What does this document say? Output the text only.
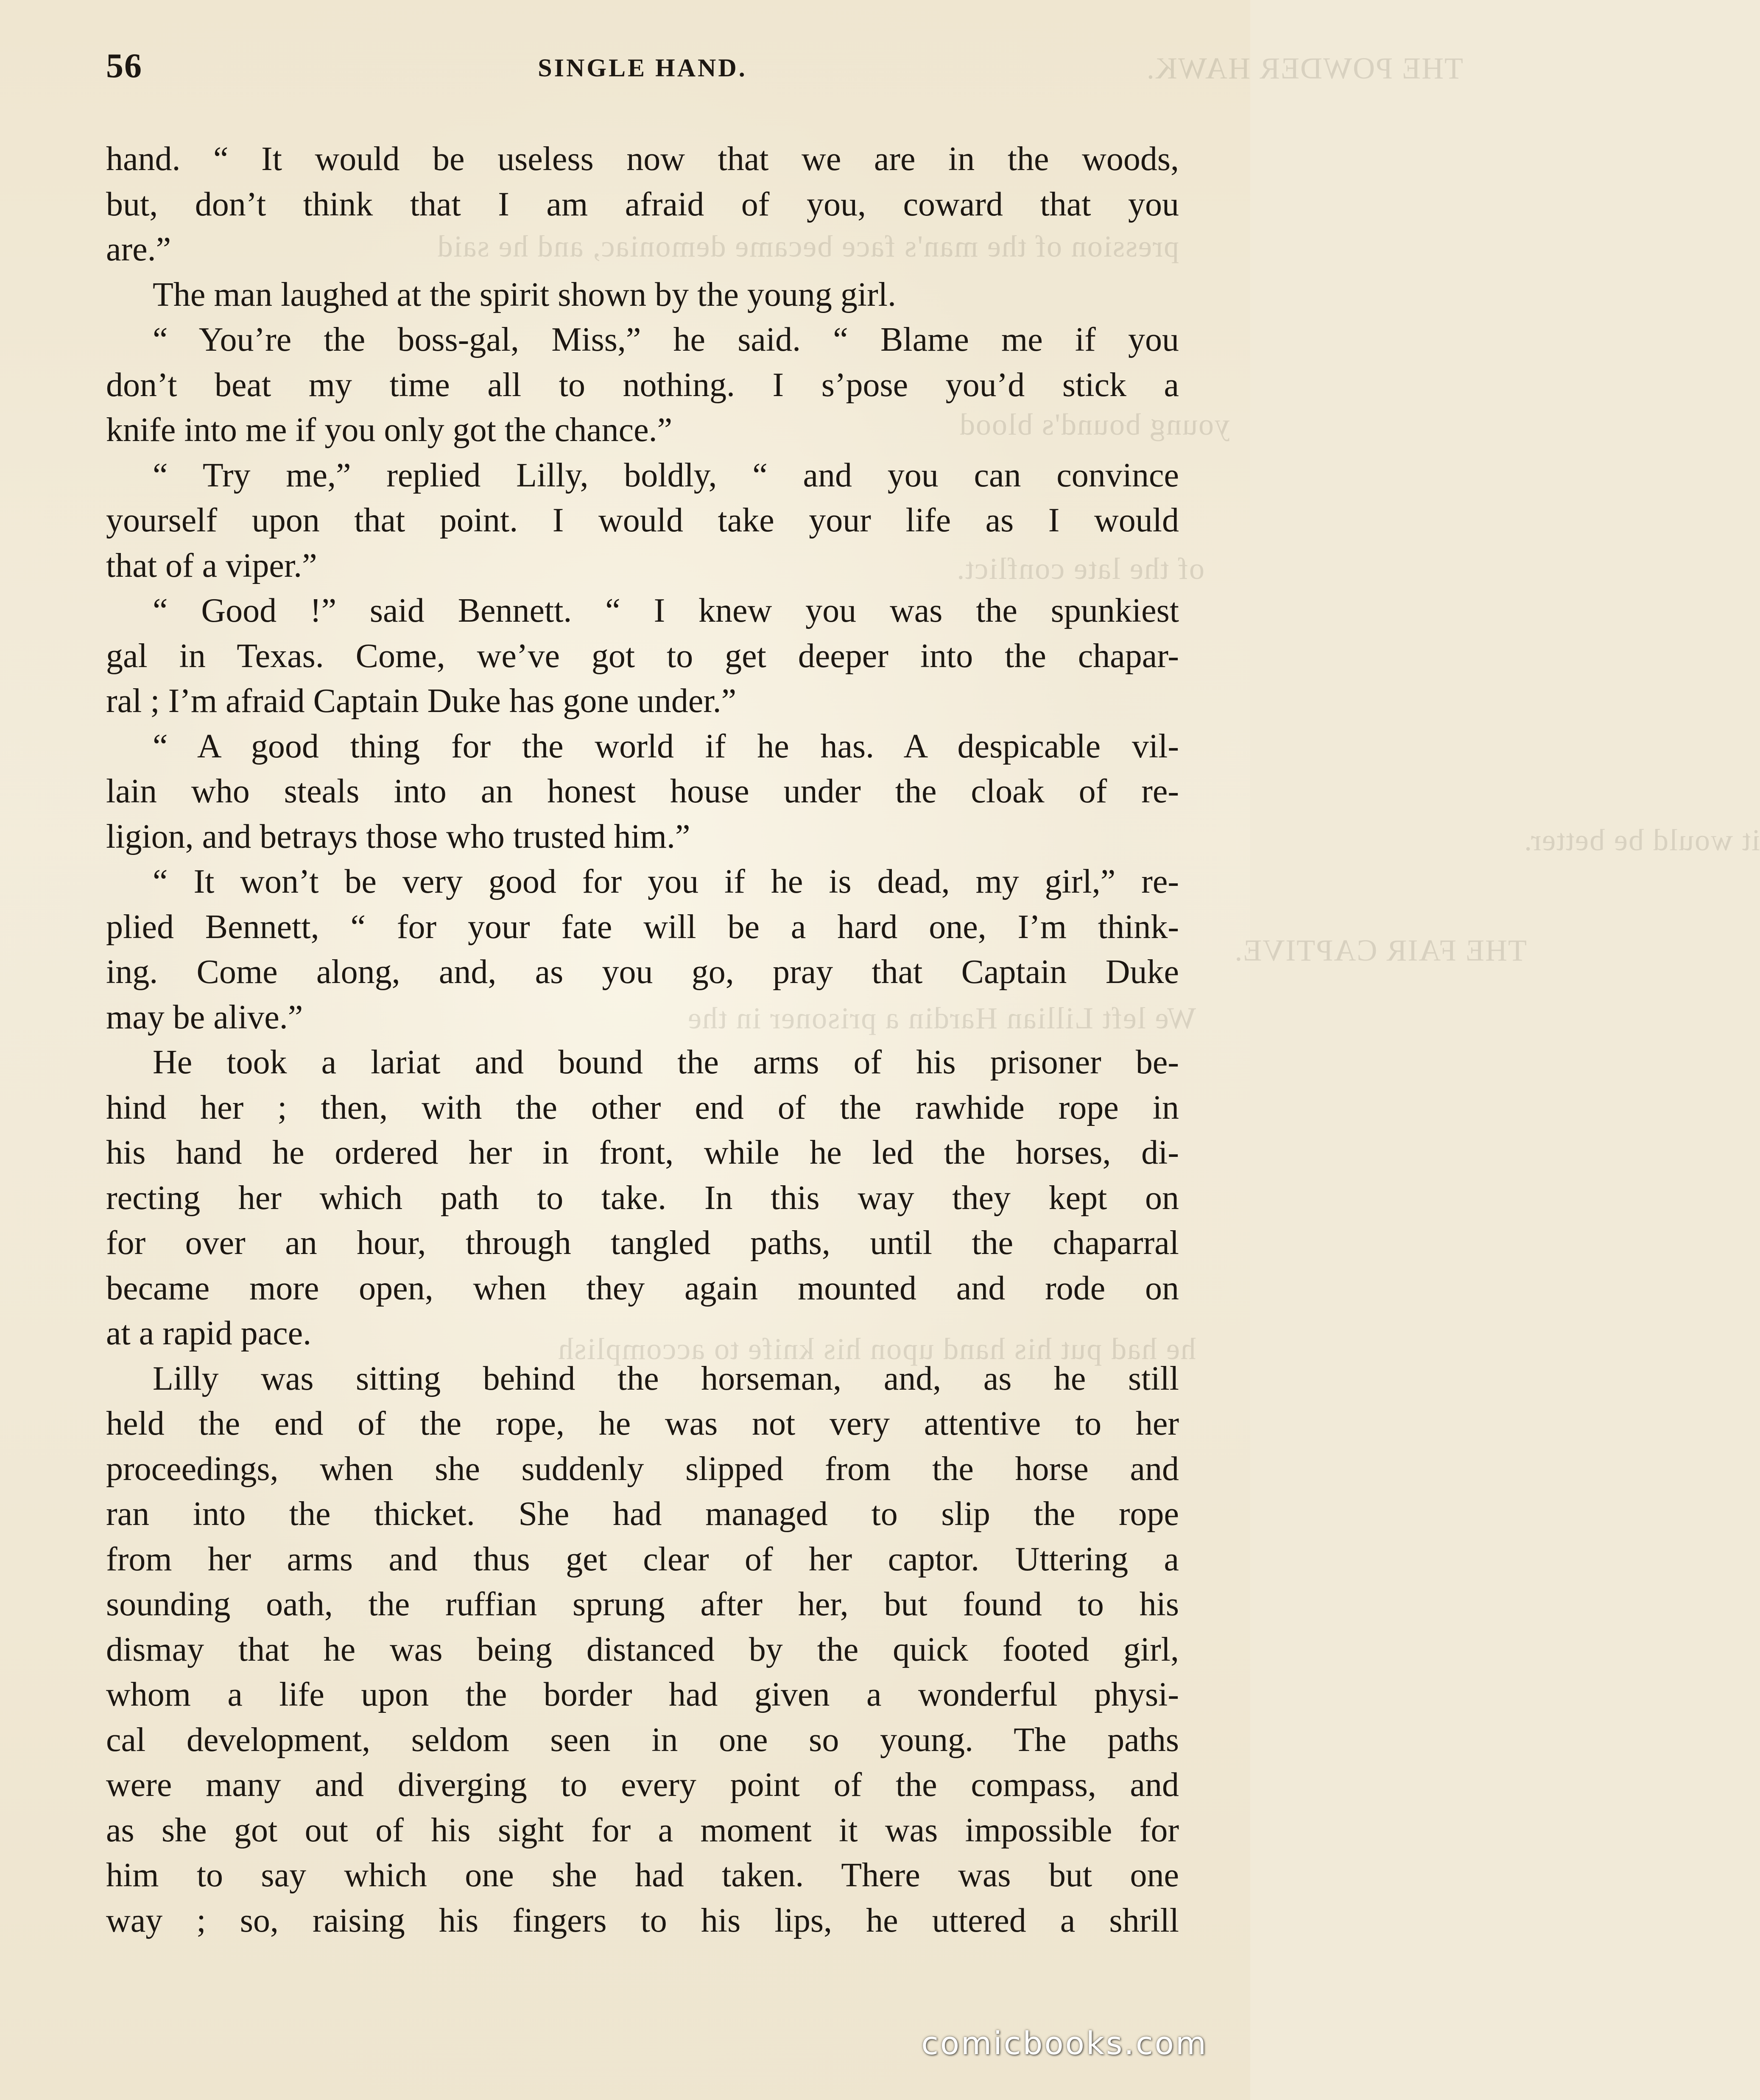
THE POWDER HAWK.
pression of the man's face became demoniac, and he said
young bound's blood
of the late conflict.
it would be better.
THE FAIR CAPTIVE.
We left Lillian Hardin a prisoner in the
he had put his hand upon his knife to accomplish
56	SINGLE HAND.
hand. “ It would be useless now that we are in the woods,
but, don’t think that I am afraid of you, coward that you
are.”
The man laughed at the spirit shown by the young girl.
“ You’re the boss-gal, Miss,” he said. “ Blame me if you
don’t beat my time all to nothing. I s’pose you’d stick a
knife into me if you only got the chance.”
“ Try me,” replied Lilly, boldly, “ and you can convince
yourself upon that point. I would take your life as I would
that of a viper.”
“ Good !” said Bennett. “ I knew you was the spunkiest
gal in Texas. Come, we’ve got to get deeper into the chapar-
ral ; I’m afraid Captain Duke has gone under.”
“ A good thing for the world if he has. A despicable vil-
lain who steals into an honest house under the cloak of re-
ligion, and betrays those who trusted him.”
“ It won’t be very good for you if he is dead, my girl,” re-
plied Bennett, “ for your fate will be a hard one, I’m think-
ing. Come along, and, as you go, pray that Captain Duke
may be alive.”
He took a lariat and bound the arms of his prisoner be-
hind her ; then, with the other end of the rawhide rope in
his hand he ordered her in front, while he led the horses, di-
recting her which path to take. In this way they kept on
for over an hour, through tangled paths, until the chaparral
became more open, when they again mounted and rode on
at a rapid pace.
Lilly was sitting behind the horseman, and, as he still
held the end of the rope, he was not very attentive to her
proceedings, when she suddenly slipped from the horse and
ran into the thicket. She had managed to slip the rope
from her arms and thus get clear of her captor. Uttering a
sounding oath, the ruffian sprung after her, but found to his
dismay that he was being distanced by the quick footed girl,
whom a life upon the border had given a wonderful physi-
cal development, seldom seen in one so young. The paths
were many and diverging to every point of the compass, and
as she got out of his sight for a moment it was impossible for
him to say which one she had taken. There was but one
way ; so, raising his fingers to his lips, he uttered a shrill
comicbooks.com
